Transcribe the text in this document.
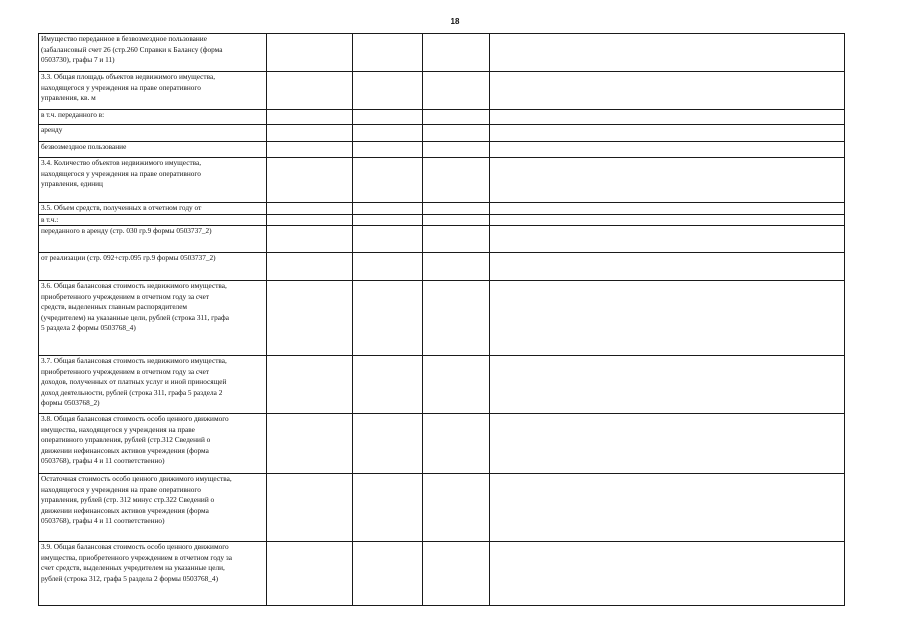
18
Имущество переданное в безвозмездное пользование
(забалансовый счет 26 (стр.260 Справки к Балансу (форма
0503730), графы 7 и 11)				
3.3. Общая площадь объектов недвижимого имущества,
находящегося у учреждения на праве оперативного
управления, кв. м				
в т.ч. переданного в:				
аренду				
безвозмездное пользование				
3.4. Количество объектов недвижимого имущества,
находящегося у учреждения на праве оперативного
управления, единиц				
3.5. Объем средств, полученных в отчетном году от				
в т.ч.:				
переданного в аренду (стр. 030 гр.9 формы 0503737_2)				
от реализации (стр. 092+стр.095 гр.9 формы 0503737_2)				
3.6. Общая балансовая стоимость недвижимого имущества,
приобретенного учреждением в отчетном году за счет
средств, выделенных главным распорядителем
(учредителем) на указанные цели, рублей (строка 311, графа
5 раздела 2 формы 0503768_4)				
3.7. Общая балансовая стоимость недвижимого имущества,
приобретенного учреждением в отчетном году за счет
доходов, полученных от платных услуг и иной приносящей
доход деятельности, рублей (строка 311, графа 5 раздела 2
формы 0503768_2)				
3.8. Общая балансовая стоимость особо ценного движимого
имущества, находящегося у учреждения на праве
оперативного управления, рублей (стр.312 Сведений о
движении нефинансовых активов учреждения (форма
0503768), графы 4 и 11 соответственно)				
Остаточная стоимость особо ценного движимого имущества,
находящегося у учреждения на праве оперативного
управления, рублей (стр. 312 минус стр.322 Сведений о
движении нефинансовых активов учреждения (форма
0503768), графы 4 и 11 соответственно)				
3.9. Общая балансовая стоимость особо ценного движимого
имущества, приобретенного учреждением в отчетном году за
счет средств, выделенных учредителем на указанные цели,
рублей (строка 312, графа 5 раздела 2 формы 0503768_4)				
